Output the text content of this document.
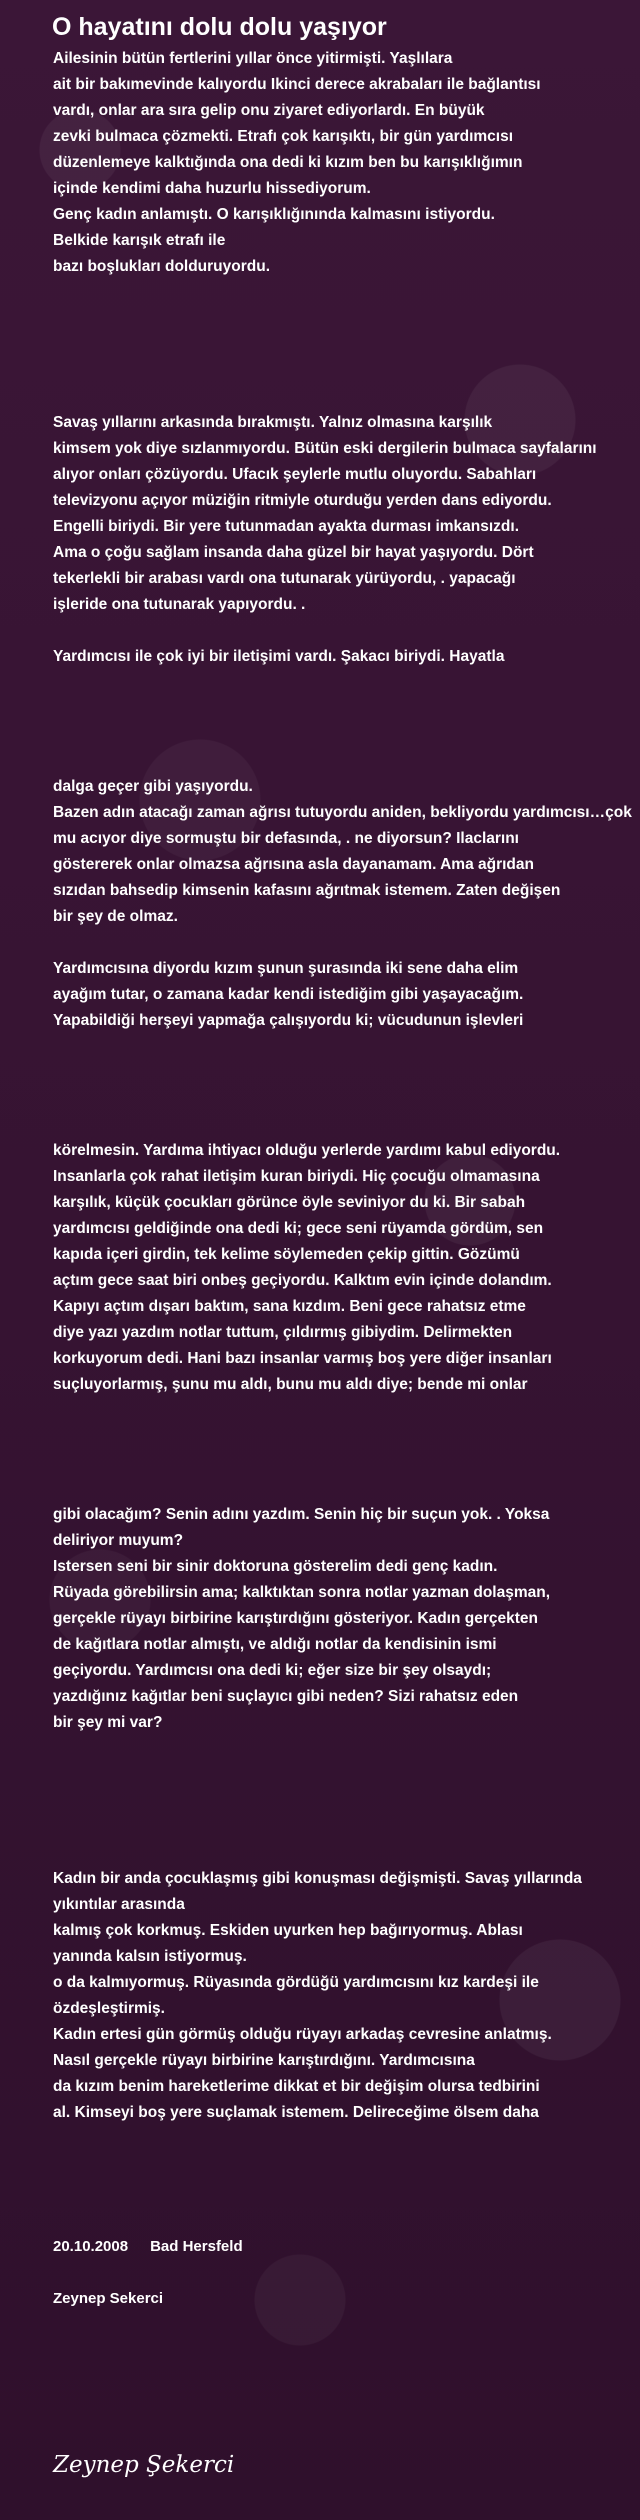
O hayatını dolu dolu yaşıyor
Ailesinin bütün fertlerini yıllar önce yitirmişti. Yaşlılara
ait bir bakımevinde kalıyordu Ikinci derece akrabaları ile bağlantısı
vardı, onlar ara sıra gelip onu ziyaret ediyorlardı. En büyük
zevki bulmaca çözmekti. Etrafı çok karışıktı, bir gün yardımcısı
düzenlemeye kalktığında ona dedi ki kızım ben bu karışıklığımın
içinde kendimi daha huzurlu hissediyorum.
Genç kadın anlamıştı. O karışıklığınında kalmasını istiyordu.
Belkide karışık etrafı ile
bazı boşlukları dolduruyordu.
Savaş yıllarını arkasında bırakmıştı. Yalnız olmasına karşılık
kimsem yok diye sızlanmıyordu. Bütün eski dergilerin bulmaca sayfalarını
alıyor onları çözüyordu. Ufacık şeylerle mutlu oluyordu. Sabahları
televizyonu açıyor müziğin ritmiyle oturduğu yerden dans ediyordu.
Engelli biriydi. Bir yere tutunmadan ayakta durması imkansızdı.
Ama o çoğu sağlam insanda daha güzel bir hayat yaşıyordu. Dört
tekerlekli bir arabası vardı ona tutunarak yürüyordu, . yapacağı
işleride ona tutunarak yapıyordu. .
Yardımcısı ile çok iyi bir iletişimi vardı. Şakacı biriydi. Hayatla
dalga geçer gibi yaşıyordu.
Bazen adın atacağı zaman ağrısı tutuyordu aniden, bekliyordu yardımcısı…çok
mu acıyor diye sormuştu bir defasında, . ne diyorsun? Ilaclarını
göstererek onlar olmazsa ağrısına asla dayanamam. Ama ağrıdan
sızıdan bahsedip kimsenin kafasını ağrıtmak istemem. Zaten değişen
bir şey de olmaz.
Yardımcısına diyordu kızım şunun şurasında iki sene daha elim
ayağım tutar, o zamana kadar kendi istediğim gibi yaşayacağım.
Yapabildiği herşeyi yapmağa çalışıyordu ki; vücudunun işlevleri
körelmesin. Yardıma ihtiyacı olduğu yerlerde yardımı kabul ediyordu.
Insanlarla çok rahat iletişim kuran biriydi. Hiç çocuğu olmamasına
karşılık, küçük çocukları görünce öyle seviniyor du ki. Bir sabah
yardımcısı geldiğinde ona dedi ki; gece seni rüyamda gördüm, sen
kapıda içeri girdin, tek kelime söylemeden çekip gittin. Gözümü
açtım gece saat biri onbeş geçiyordu. Kalktım evin içinde dolandım.
Kapıyı açtım dışarı baktım, sana kızdım. Beni gece rahatsız etme
diye yazı yazdım notlar tuttum, çıldırmış gibiydim. Delirmekten
korkuyorum dedi. Hani bazı insanlar varmış boş yere diğer insanları
suçluyorlarmış, şunu mu aldı, bunu mu aldı diye; bende mi onlar
gibi olacağım? Senin adını yazdım. Senin hiç bir suçun yok. . Yoksa
deliriyor muyum?
Istersen seni bir sinir doktoruna gösterelim dedi genç kadın.
Rüyada görebilirsin ama; kalktıktan sonra notlar yazman dolaşman,
gerçekle rüyayı birbirine karıştırdığını gösteriyor. Kadın gerçekten
de kağıtlara notlar almıştı, ve aldığı notlar da kendisinin ismi
geçiyordu. Yardımcısı ona dedi ki; eğer size bir şey olsaydı;
yazdığınız kağıtlar beni suçlayıcı gibi neden? Sizi rahatsız eden
bir şey mi var?
Kadın bir anda çocuklaşmış gibi konuşması değişmişti. Savaş yıllarında
yıkıntılar arasında
kalmış çok korkmuş. Eskiden uyurken hep bağırıyormuş. Ablası
yanında kalsın istiyormuş.
o da kalmıyormuş. Rüyasında gördüğü yardımcısını kız kardeşi ile
özdeşleştirmiş.
Kadın ertesi gün görmüş olduğu rüyayı arkadaş cevresine anlatmış.
Nasıl gerçekle rüyayı birbirine karıştırdığını. Yardımcısına
da kızım benim hareketlerime dikkat et bir değişim olursa tedbirini
al. Kimseyi boş yere suçlamak istemem. Delireceğime ölsem daha
20.10.2008 Bad Hersfeld
Zeynep Sekerci
Zeynep Şekerci
